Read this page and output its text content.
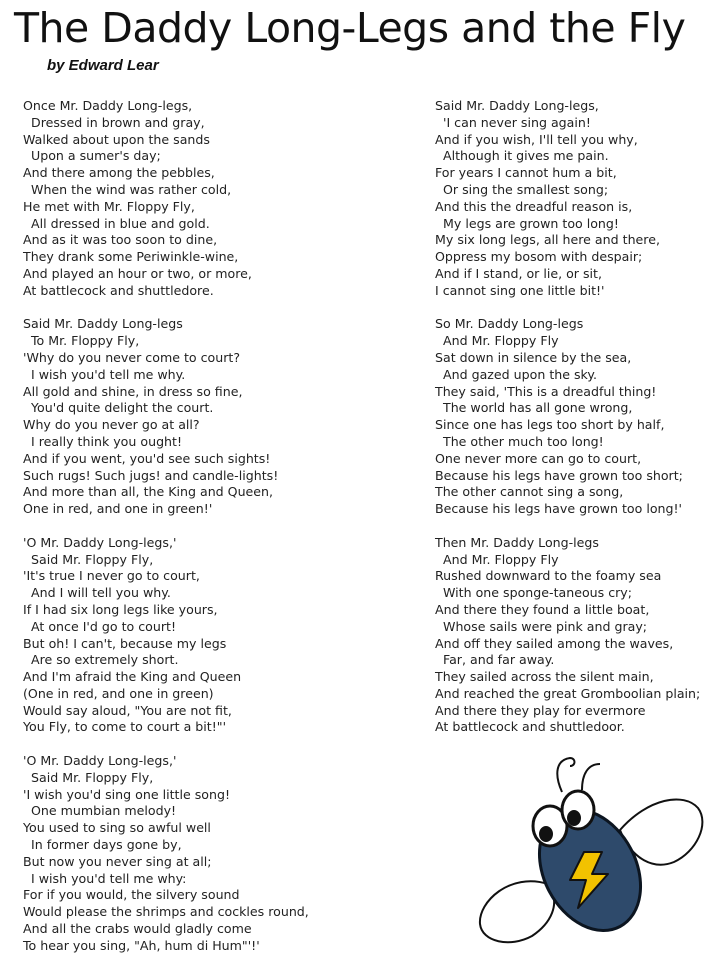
The Daddy Long-Legs and the Fly

by Edward Lear

Once Mr. Daddy Long-legs,
Dressed in brown and gray,
Walked about upon the sands
Upon a sumer's day;
And there among the pebbles,
When the wind was rather cold,
He met with Mr. Floppy Fly,
All dressed in blue and gold.
And as it was too soon to dine,
They drank some Periwinkle-wine,
And played an hour or two, or more,
At battlecock and shuttledore.
Said Mr. Daddy Long-legs
To Mr. Floppy Fly,
'Why do you never come to court?
I wish you'd tell me why.
All gold and shine, in dress so fine,
You'd quite delight the court.
Why do you never go at all?
I really think you ought!
And if you went, you'd see such sights!
Such rugs! Such jugs! and candle-lights!
And more than all, the King and Queen,
One in red, and one in green!'
'O Mr. Daddy Long-legs,'
Said Mr. Floppy Fly,
'It's true I never go to court,
And I will tell you why.
If I had six long legs like yours,
At once I'd go to court!
But oh! I can't, because my legs
Are so extremely short.
And I'm afraid the King and Queen
(One in red, and one in green)
Would say aloud, "You are not fit,
You Fly, to come to court a bit!"'
'O Mr. Daddy Long-legs,'
Said Mr. Floppy Fly,
'I wish you'd sing one little song!
One mumbian melody!
You used to sing so awful well
In former days gone by,
But now you never sing at all;
I wish you'd tell me why:
For if you would, the silvery sound
Would please the shrimps and cockles round,
And all the crabs would gladly come
To hear you sing, "Ah, hum di Hum"'!'
Said Mr. Daddy Long-legs,
'I can never sing again!
And if you wish, I'll tell you why,
Although it gives me pain.
For years I cannot hum a bit,
Or sing the smallest song;
And this the dreadful reason is,
My legs are grown too long!
My six long legs, all here and there,
Oppress my bosom with despair;
And if I stand, or lie, or sit,
I cannot sing one little bit!'
So Mr. Daddy Long-legs
And Mr. Floppy Fly
Sat down in silence by the sea,
And gazed upon the sky.
They said, 'This is a dreadful thing!
The world has all gone wrong,
Since one has legs too short by half,
The other much too long!
One never more can go to court,
Because his legs have grown too short;
The other cannot sing a song,
Because his legs have grown too long!'
Then Mr. Daddy Long-legs
And Mr. Floppy Fly
Rushed downward to the foamy sea
With one sponge-taneous cry;
And there they found a little boat,
Whose sails were pink and gray;
And off they sailed among the waves,
Far, and far away.
They sailed across the silent main,
And reached the great Gromboolian plain;
And there they play for evermore
At battlecock and shuttledoor.
